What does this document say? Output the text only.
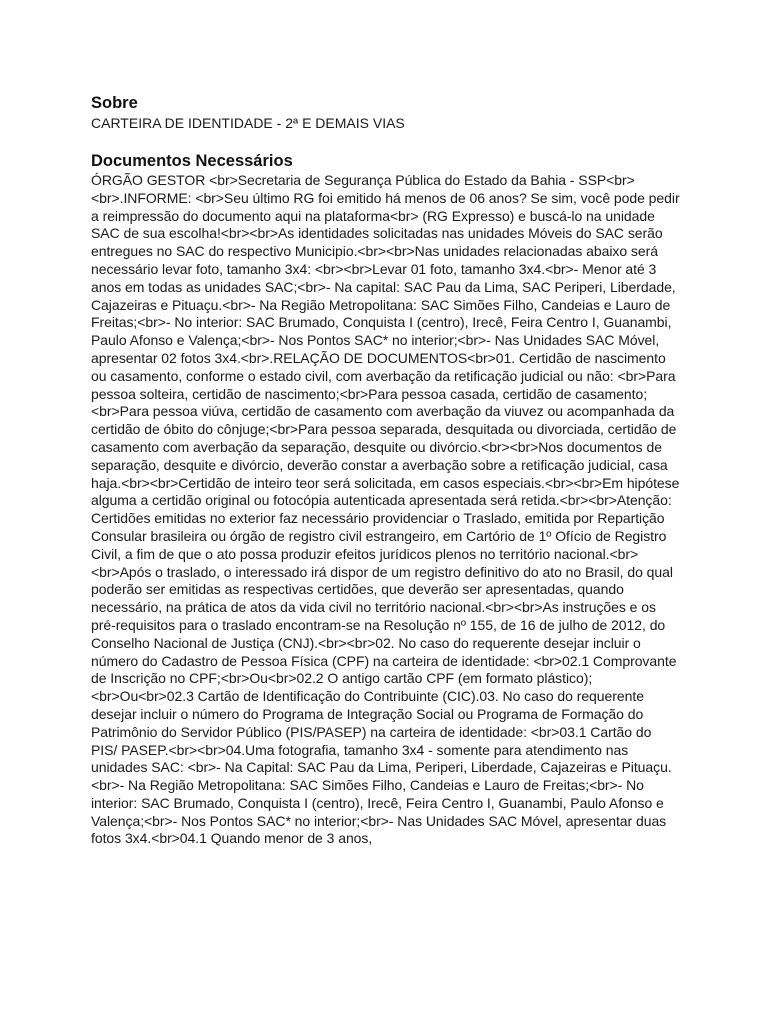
Sobre

CARTEIRA DE IDENTIDADE - 2ª E DEMAIS VIAS

Documentos Necessários

ÓRGÃO GESTOR <br>Secretaria de Segurança Pública do Estado da Bahia - SSP<br><br>.INFORME: <br>Seu último RG foi emitido há menos de 06 anos? Se sim, você pode pedir a reimpressão do documento aqui na plataforma<br> (RG Expresso) e buscá-lo na unidade SAC de sua escolha!<br><br>As identidades solicitadas nas unidades Móveis do SAC serão entregues no SAC do respectivo Municipio.<br><br>Nas unidades relacionadas abaixo será necessário levar foto, tamanho 3x4: <br><br>Levar 01 foto, tamanho 3x4.<br>- Menor até 3 anos em todas as unidades SAC;<br>- Na capital: SAC Pau da Lima, SAC Periperi, Liberdade, Cajazeiras e Pituaçu.<br>- Na Região Metropolitana: SAC Simões Filho, Candeias e Lauro de Freitas;<br>- No interior: SAC Brumado, Conquista I (centro), Irecê, Feira Centro I, Guanambi, Paulo Afonso e Valença;<br>- Nos Pontos SAC* no interior;<br>- Nas Unidades SAC Móvel, apresentar 02 fotos 3x4.<br>.RELAÇÃO DE DOCUMENTOS<br>01. Certidão de nascimento ou casamento, conforme o estado civil, com averbação da retificação judicial ou não: <br>Para pessoa solteira, certidão de nascimento;<br>Para pessoa casada, certidão de casamento;<br>Para pessoa viúva, certidão de casamento com averbação da viuvez ou acompanhada da certidão de óbito do cônjuge;<br>Para pessoa separada, desquitada ou divorciada, certidão de casamento com averbação da separação, desquite ou divórcio.<br><br>Nos documentos de separação, desquite e divórcio, deverão constar a averbação sobre a retificação judicial, casa haja.<br><br>Certidão de inteiro teor será solicitada, em casos especiais.<br><br>Em hipótese alguma a certidão original ou fotocópia autenticada apresentada será retida.<br><br>Atenção: Certidões emitidas no exterior faz necessário providenciar o Traslado, emitida por Repartição Consular brasileira ou órgão de registro civil estrangeiro, em Cartório de 1º Ofício de Registro Civil, a fim de que o ato possa produzir efeitos jurídicos plenos no território nacional.<br><br>Após o traslado, o interessado irá dispor de um registro definitivo do ato no Brasil, do qual poderão ser emitidas as respectivas certidões, que deverão ser apresentadas, quando necessário, na prática de atos da vida civil no território nacional.<br><br>As instruções e os pré-requisitos para o traslado encontram-se na Resolução nº 155, de 16 de julho de 2012, do Conselho Nacional de Justiça (CNJ).<br><br>02. No caso do requerente desejar incluir o número do Cadastro de Pessoa Física (CPF) na carteira de identidade: <br>02.1 Comprovante de Inscrição no CPF;<br>Ou<br>02.2 O antigo cartão CPF (em formato plástico);<br>Ou<br>02.3 Cartão de Identificação do Contribuinte (CIC).03. No caso do requerente desejar incluir o número do Programa de Integração Social ou Programa de Formação do Patrimônio do Servidor Público (PIS/PASEP) na carteira de identidade: <br>03.1 Cartão do PIS/ PASEP.<br><br>04.Uma fotografia, tamanho 3x4 - somente para atendimento nas unidades SAC: <br>- Na Capital: SAC Pau da Lima, Periperi, Liberdade, Cajazeiras e Pituaçu.<br>- Na Região Metropolitana: SAC Simões Filho, Candeias e Lauro de Freitas;<br>- No interior: SAC Brumado, Conquista I (centro), Irecê, Feira Centro I, Guanambi, Paulo Afonso e Valença;<br>- Nos Pontos SAC* no interior;<br>- Nas Unidades SAC Móvel, apresentar duas fotos 3x4.<br>04.1 Quando menor de 3 anos,
